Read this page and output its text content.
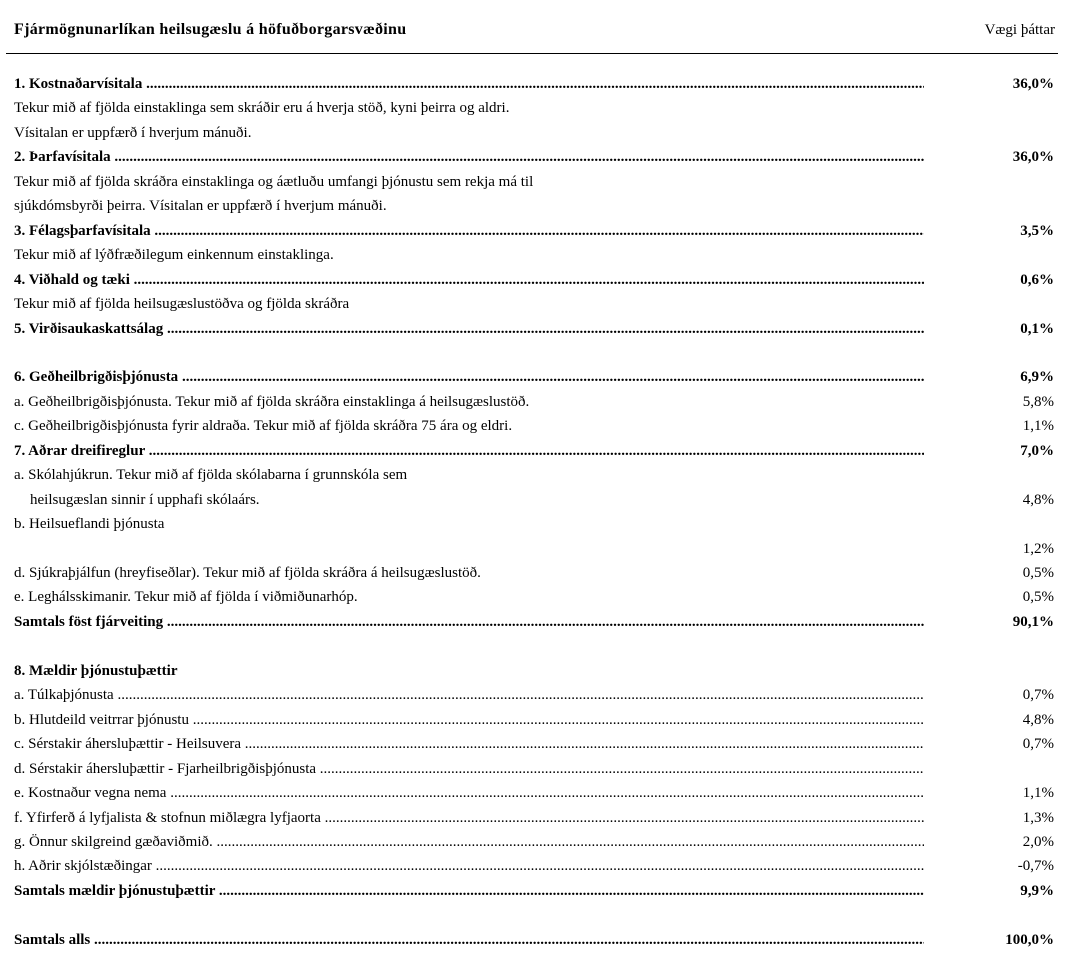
Fjármögnunarlíkan heilsugæslu á höfuðborgarsvæðinu	Vægi þáttar
1. Kostnaðarvísitala .....	36,0%
Tekur mið af fjölda einstaklinga sem skráðir eru á hverja stöð, kyni þeirra og aldri.
Vísitalan er uppfærð í hverjum mánuði.
2. Þarfavísitala .....	36,0%
Tekur mið af fjölda skráðra einstaklinga og áætluðu umfangi þjónustu sem rekja má til
sjúkdómsbyrði þeirra. Vísitalan er uppfærð í hverjum mánuði.
3. Félagsþarfavísitala .....	3,5%
Tekur mið af lýðfræðilegum einkennum einstaklinga.
4. Viðhald og tæki .....	0,6%
Tekur mið af fjölda heilsugæslustöðva og fjölda skráðra
5. Virðisaukaskattsálag .....	0,1%
6. Geðheilbrigðisþjónusta .....	6,9%
a. Geðheilbrigðisþjónusta. Tekur mið af fjölda skráðra einstaklinga á heilsugæslustöð.	5,8%
c. Geðheilbrigðisþjónusta fyrir aldraða. Tekur mið af fjölda skráðra 75 ára og eldri.	1,1%
7. Aðrar dreifireglur .....	7,0%
a. Skólahjúkrun. Tekur mið af fjölda skólabarna í grunnskóla sem
heilsugæslan sinnir í upphafi skólaárs.	4,8%
b. Heilsueflandi þjónusta
1,2%
d. Sjúkraþjálfun (hreyfiseðlar). Tekur mið af fjölda skráðra á heilsugæslustöð.	0,5%
e. Leghálsskimanir. Tekur mið af fjölda í viðmiðunarhóp.	0,5%
Samtals föst fjárveiting .....	90,1%
8. Mældir þjónustuþættir
a. Túlkaþjónusta .....	0,7%
b. Hlutdeild veitrrar þjónustu .....	4,8%
c. Sérstakir áhersluþættir - Heilsuvera .....	0,7%
d. Sérstakir áhersluþættir - Fjarheilbrigðisþjónusta .....
e. Kostnaður vegna nema .....	1,1%
f. Yfirferð á lyfjalista & stofnun miðlægra lyfjaorta .....	1,3%
g. Önnur skilgreind gæðaviðmið. .....	2,0%
h. Aðrir skjólstæðingar .....	-0,7%
Samtals mældir þjónustuþættir .....	9,9%
Samtals alls .....	100,0%
